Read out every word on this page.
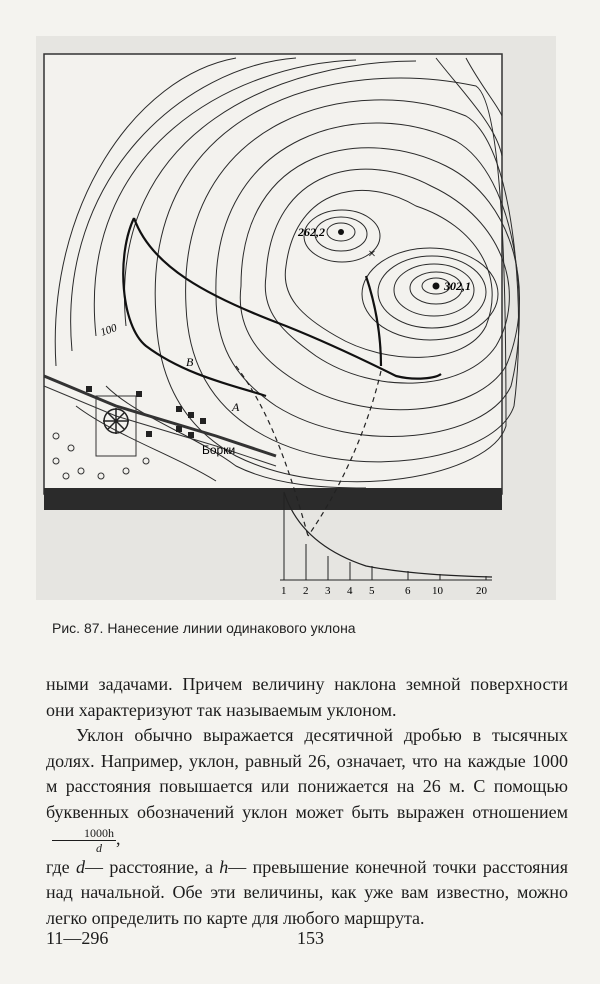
262,2
302,1
×
100
B
A
Борки
1 2 3 4 5	6 10	20
Рис. 87. Нанесение линии одинакового уклона

ными задачами. Причем величину наклона земной поверхности они характеризуют так называемым уклоном.

Уклон обычно выражается десятичной дробью в тысячных долях. Например, уклон, равный 26, означает, что на каждые 1000 м расстояния повышается или понижается на 26 м. С помощью буквенных обозначений уклон может быть выражен отношением
$\frac{1000h}{d}$ ,

где d— расстояние, а h— превышение конечной точки расстояния над начальной. Обе эти величины, как уже вам известно, можно легко определить по карте для любого маршрута.

11—296	153
